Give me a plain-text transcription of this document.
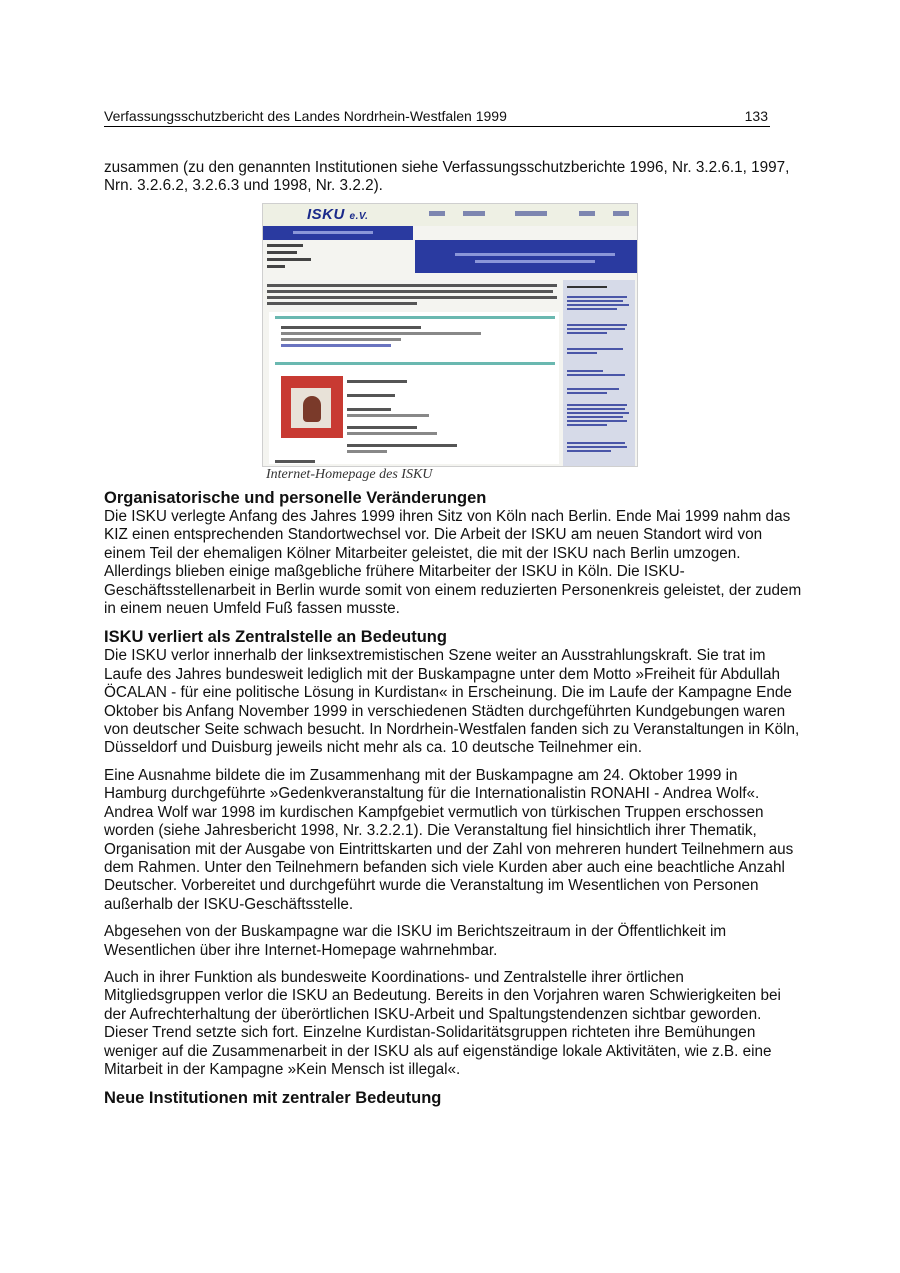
Verfassungsschutzbericht des Landes Nordrhein-Westfalen 1999	133

zusammen (zu den genannten Institutionen siehe Verfassungsschutzberichte 1996, Nr. 3.2.6.1, 1997, Nrn. 3.2.6.2, 3.2.6.3 und 1998, Nr. 3.2.2).

ISKU e.V.
Internet-Homepage des ISKU
Organisatorische und personelle Veränderungen

Die ISKU verlegte Anfang des Jahres 1999 ihren Sitz von Köln nach Berlin. Ende Mai 1999 nahm das KIZ einen entsprechenden Standortwechsel vor. Die Arbeit der ISKU am neuen Standort wird von einem Teil der ehemaligen Kölner Mitarbeiter geleistet, die mit der ISKU nach Berlin umzogen. Allerdings blieben einige maßgebliche frühere Mitarbeiter der ISKU in Köln. Die ISKU-Geschäftsstellenarbeit in Berlin wurde somit von einem reduzierten Personenkreis geleistet, der zudem in einem neuen Umfeld Fuß fassen musste.

ISKU verliert als Zentralstelle an Bedeutung

Die ISKU verlor innerhalb der linksextremistischen Szene weiter an Ausstrahlungskraft. Sie trat im Laufe des Jahres bundesweit lediglich mit der Buskampagne unter dem Motto »Freiheit für Abdullah ÖCALAN - für eine politische Lösung in Kurdistan« in Erscheinung. Die im Laufe der Kampagne Ende Oktober bis Anfang November 1999 in verschiedenen Städten durchgeführten Kundgebungen waren von deutscher Seite schwach besucht. In Nordrhein-Westfalen fanden sich zu Veranstaltungen in Köln, Düsseldorf und Duisburg jeweils nicht mehr als ca. 10 deutsche Teilnehmer ein.

Eine Ausnahme bildete die im Zusammenhang mit der Buskampagne am 24. Oktober 1999 in Hamburg durchgeführte »Gedenkveranstaltung für die Internationalistin RONAHI - Andrea Wolf«. Andrea Wolf war 1998 im kurdischen Kampfgebiet vermutlich von türkischen Truppen erschossen worden (siehe Jahresbericht 1998, Nr. 3.2.2.1). Die Veranstaltung fiel hinsichtlich ihrer Thematik, Organisation mit der Ausgabe von Eintrittskarten und der Zahl von mehreren hundert Teilnehmern aus dem Rahmen. Unter den Teilnehmern befanden sich viele Kurden aber auch eine beachtliche Anzahl Deutscher. Vorbereitet und durchgeführt wurde die Veranstaltung im Wesentlichen von Personen außerhalb der ISKU-Geschäftsstelle.

Abgesehen von der Buskampagne war die ISKU im Berichtszeitraum in der Öffentlichkeit im Wesentlichen über ihre Internet-Homepage wahrnehmbar.

Auch in ihrer Funktion als bundesweite Koordinations- und Zentralstelle ihrer örtlichen Mitgliedsgruppen verlor die ISKU an Bedeutung. Bereits in den Vorjahren waren Schwierigkeiten bei der Aufrechterhaltung der überörtlichen ISKU-Arbeit und Spaltungstendenzen sichtbar geworden. Dieser Trend setzte sich fort. Einzelne Kurdistan-Solidaritätsgruppen richteten ihre Bemühungen weniger auf die Zusammenarbeit in der ISKU als auf eigenständige lokale Aktivitäten, wie z.B. eine Mitarbeit in der Kampagne »Kein Mensch ist illegal«.

Neue Institutionen mit zentraler Bedeutung
